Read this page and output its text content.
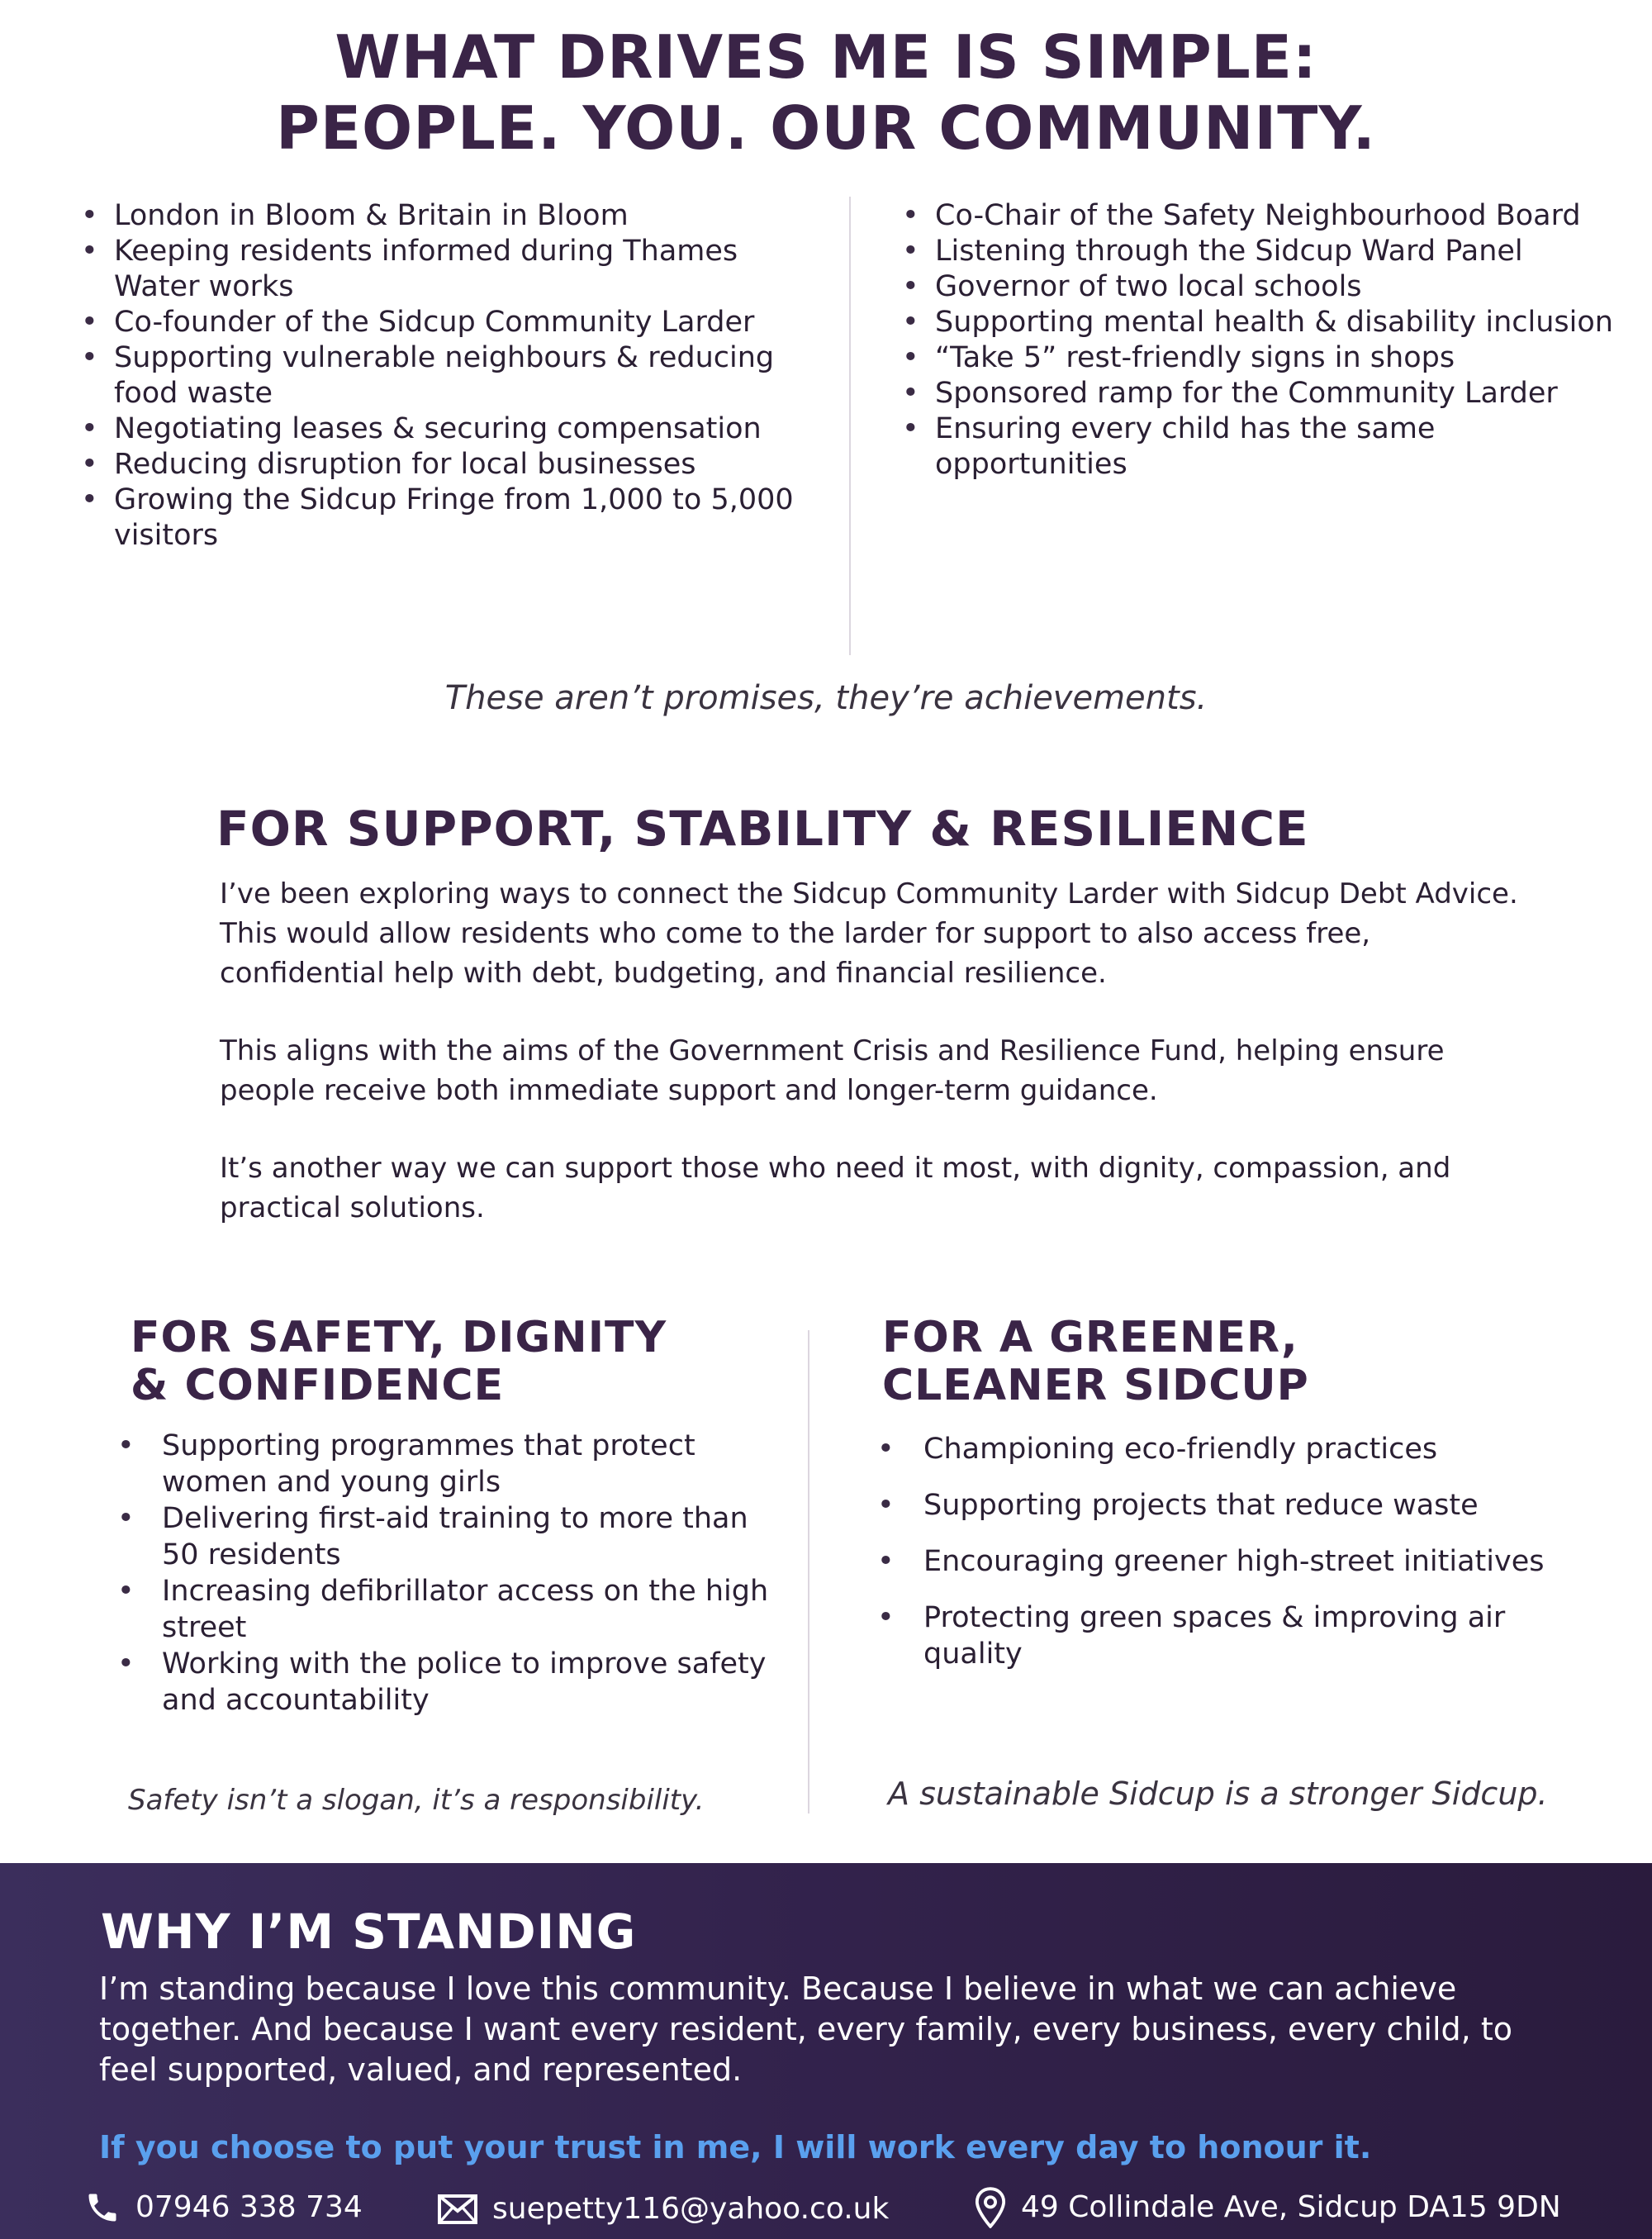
WHAT DRIVES ME IS SIMPLE:
PEOPLE. YOU. OUR COMMUNITY.
• London in Bloom & Britain in Bloom
• Keeping residents informed during Thames Water works
• Co-founder of the Sidcup Community Larder
• Supporting vulnerable neighbours & reducing food waste
• Negotiating leases & securing compensation
• Reducing disruption for local businesses
• Growing the Sidcup Fringe from 1,000 to 5,000 visitors
• Co-Chair of the Safety Neighbourhood Board
• Listening through the Sidcup Ward Panel
• Governor of two local schools
• Supporting mental health & disability inclusion
• “Take 5” rest-friendly signs in shops
• Sponsored ramp for the Community Larder
• Ensuring every child has the same opportunities
These aren’t promises, they’re achievements.
FOR SUPPORT, STABILITY & RESILIENCE

I’ve been exploring ways to connect the Sidcup Community Larder with Sidcup Debt Advice. This would allow residents who come to the larder for support to also access free, confidential help with debt, budgeting, and financial resilience.

This aligns with the aims of the Government Crisis and Resilience Fund, helping ensure people receive both immediate support and longer-term guidance.

It’s another way we can support those who need it most, with dignity, compassion, and practical solutions.

FOR SAFETY, DIGNITY
& CONFIDENCE
• Supporting programmes that protect women and young girls
• Delivering first-aid training to more than 50 residents
• Increasing defibrillator access on the high street
• Working with the police to improve safety and accountability
Safety isn’t a slogan, it’s a responsibility.
FOR A GREENER,
CLEANER SIDCUP
• Championing eco-friendly practices
• Supporting projects that reduce waste
• Encouraging greener high-street initiatives
• Protecting green spaces & improving air quality
A sustainable Sidcup is a stronger Sidcup.
WHY I’M STANDING

I’m standing because I love this community. Because I believe in what we can achieve together. And because I want every resident, every family, every business, every child, to feel supported, valued, and represented.

If you choose to put your trust in me, I will work every day to honour it.
07946 338 734	suepetty116@yahoo.co.uk	49 Collindale Ave, Sidcup DA15 9DN
